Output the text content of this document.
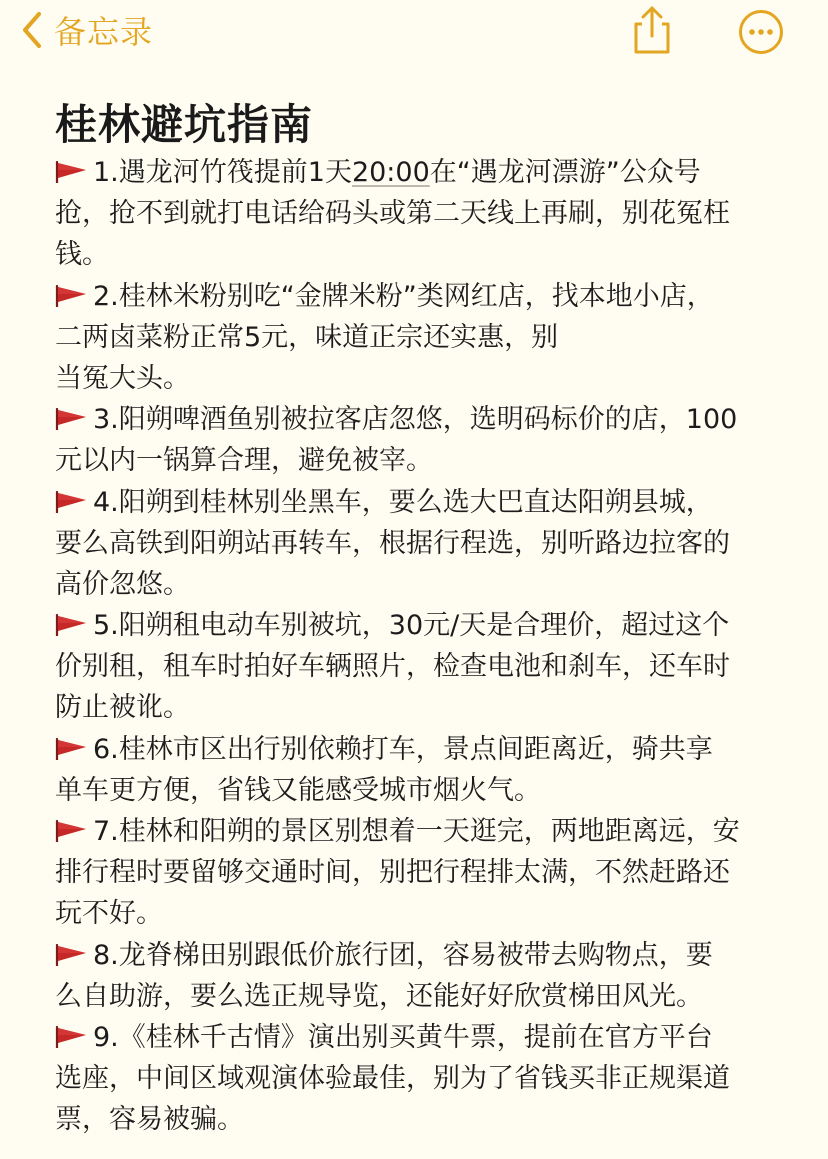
备忘录
桂林避坑指南
1.遇龙河竹筏提前1天20:00在“遇龙河漂游”公众号
抢，抢不到就打电话给码头或第二天线上再刷，别花冤枉
钱。
2.桂林米粉别吃“金牌米粉”类网红店，找本地小店，
二两卤菜粉正常5元，味道正宗还实惠，别
当冤大头。
3.阳朔啤酒鱼别被拉客店忽悠，选明码标价的店，100
元以内一锅算合理，避免被宰。
4.阳朔到桂林别坐黑车，要么选大巴直达阳朔县城，
要么高铁到阳朔站再转车，根据行程选，别听路边拉客的
高价忽悠。
5.阳朔租电动车别被坑，30元/天是合理价，超过这个
价别租，租车时拍好车辆照片，检查电池和刹车，还车时
防止被讹。
6.桂林市区出行别依赖打车，景点间距离近，骑共享
单车更方便，省钱又能感受城市烟火气。
7.桂林和阳朔的景区别想着一天逛完，两地距离远，安
排行程时要留够交通时间，别把行程排太满，不然赶路还
玩不好。
8.龙脊梯田别跟低价旅行团，容易被带去购物点，要
么自助游，要么选正规导览，还能好好欣赏梯田风光。
9.《桂林千古情》演出别买黄牛票，提前在官方平台
选座，中间区域观演体验最佳，别为了省钱买非正规渠道
票，容易被骗。
